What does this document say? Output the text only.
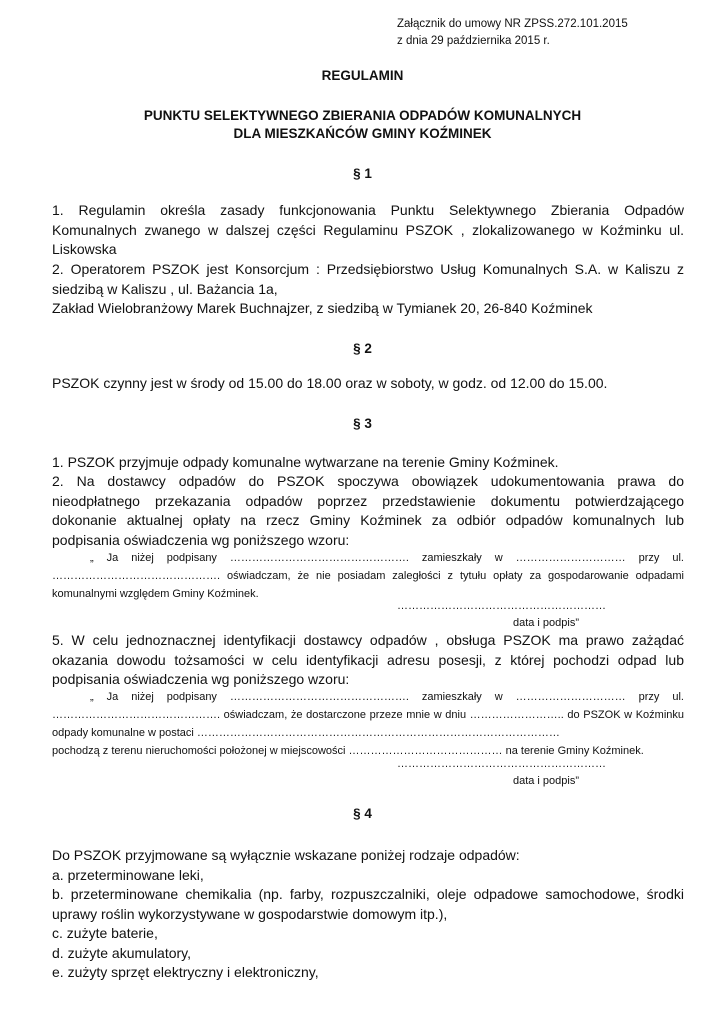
Załącznik do umowy NR ZPSS.272.101.2015
z dnia 29 października 2015 r.
REGULAMIN
PUNKTU SELEKTYWNEGO ZBIERANIA ODPADÓW KOMUNALNYCH
DLA MIESZKAŃCÓW GMINY KOŹMINEK
§ 1
1. Regulamin określa zasady funkcjonowania Punktu Selektywnego Zbierania Odpadów
Komunalnych zwanego w dalszej części Regulaminu PSZOK , zlokalizowanego w Koźminku ul.
Liskowska
2. Operatorem PSZOK jest Konsorcjum : Przedsiębiorstwo Usług Komunalnych S.A. w Kaliszu z
siedzibą w Kaliszu , ul. Bażancia 1a,
Zakład Wielobranżowy Marek Buchnajzer, z siedzibą w Tymianek 20, 26-840 Koźminek
§ 2
PSZOK czynny jest w środy od 15.00 do 18.00 oraz w soboty, w godz. od 12.00 do 15.00.
§ 3
1. PSZOK przyjmuje odpady komunalne wytwarzane na terenie Gminy Koźminek.
2. Na dostawcy odpadów do PSZOK spoczywa obowiązek udokumentowania prawa do
nieodpłatnego przekazania odpadów poprzez przedstawienie dokumentu potwierdzającego
dokonanie aktualnej opłaty na rzecz Gminy Koźminek za odbiór odpadów komunalnych lub
podpisania oświadczenia wg poniższego wzoru:
„ Ja niżej podpisany …………………………………………. zamieszkały w ………………………… przy ul.
………………………………………. oświadczam, że nie posiadam zaległości z tytułu opłaty za gospodarowanie odpadami
komunalnymi względem Gminy Koźminek.
…………………………………………………
data i podpis”
5. W celu jednoznacznej identyfikacji dostawcy odpadów , obsługa PSZOK ma prawo zażądać
okazania dowodu tożsamości w celu identyfikacji adresu posesji, z której pochodzi odpad lub
podpisania oświadczenia wg poniższego wzoru:
„ Ja niżej podpisany …………………………………………. zamieszkały w ………………………… przy ul.
………………………………………. oświadczam, że dostarczone przeze mnie w dniu …………………….. do PSZOK w Koźminku
odpady komunalne w postaci ………………………………………………………………………………………
pochodzą z terenu nieruchomości położonej w miejscowości …………………………………… na terenie Gminy Koźminek.
…………………………………………………
data i podpis”
§ 4
Do PSZOK przyjmowane są wyłącznie wskazane poniżej rodzaje odpadów:
a. przeterminowane leki,
b. przeterminowane chemikalia (np. farby, rozpuszczalniki, oleje odpadowe samochodowe, środki
uprawy roślin wykorzystywane w gospodarstwie domowym itp.),
c. zużyte baterie,
d. zużyte akumulatory,
e. zużyty sprzęt elektryczny i elektroniczny,
